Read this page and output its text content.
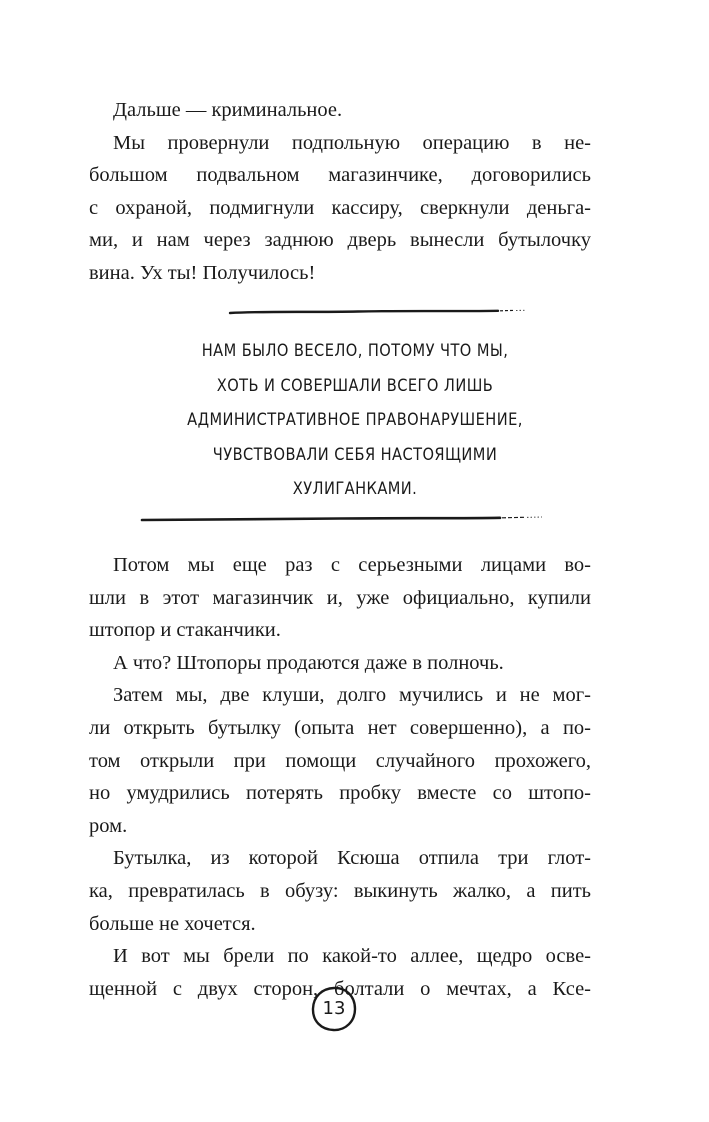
Дальше — криминальное.
Мы провернули подпольную операцию в не-
большом подвальном магазинчике, договорились
с охраной, подмигнули кассиру, сверкнули деньга-
ми, и нам через заднюю дверь вынесли бутылочку
вина. Ух ты! Получилось!
НАМ БЫЛО ВЕСЕЛО, ПОТОМУ ЧТО МЫ,
ХОТЬ И СОВЕРШАЛИ ВСЕГО ЛИШЬ
АДМИНИСТРАТИВНОЕ ПРАВОНАРУШЕНИЕ,
ЧУВСТВОВАЛИ СЕБЯ НАСТОЯЩИМИ
ХУЛИГАНКАМИ.
Потом мы еще раз с серьезными лицами во-
шли в этот магазинчик и, уже официально, купили
штопор и стаканчики.
А что? Штопоры продаются даже в полночь.
Затем мы, две клуши, долго мучились и не мог-
ли открыть бутылку (опыта нет совершенно), а по-
том открыли при помощи случайного прохожего,
но умудрились потерять пробку вместе со штопо-
ром.
Бутылка, из которой Ксюша отпила три глот-
ка, превратилась в обузу: выкинуть жалко, а пить
больше не хочется.
И вот мы брели по какой-то аллее, щедро осве-
щенной с двух сторон, болтали о мечтах, а Ксе-
13
